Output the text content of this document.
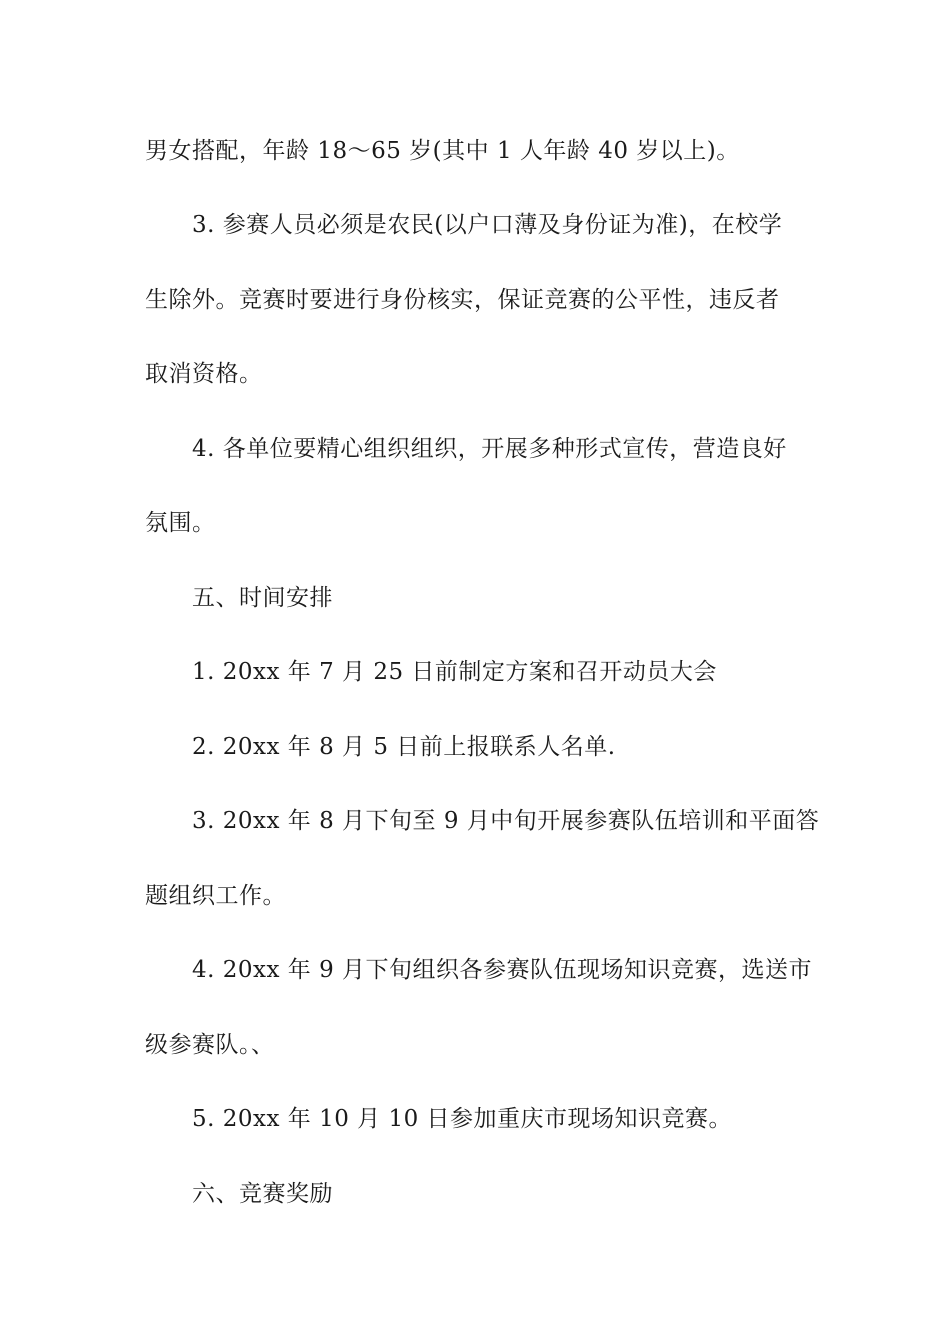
男女搭配，年龄 18～65 岁(其中 1 人年龄 40 岁以上)。
3. 参赛人员必须是农民(以户口薄及身份证为准)，在校学
生除外。竞赛时要进行身份核实，保证竞赛的公平性，违反者
取消资格。
4. 各单位要精心组织组织，开展多种形式宣传，营造良好
氛围。
五、时间安排
1. 20xx 年 7 月 25 日前制定方案和召开动员大会
2. 20xx 年 8 月 5 日前上报联系人名单.
3. 20xx 年 8 月下旬至 9 月中旬开展参赛队伍培训和平面答
题组织工作。
4. 20xx 年 9 月下旬组织各参赛队伍现场知识竞赛，选送市
级参赛队。、
5. 20xx 年 10 月 10 日参加重庆市现场知识竞赛。
六、竞赛奖励
